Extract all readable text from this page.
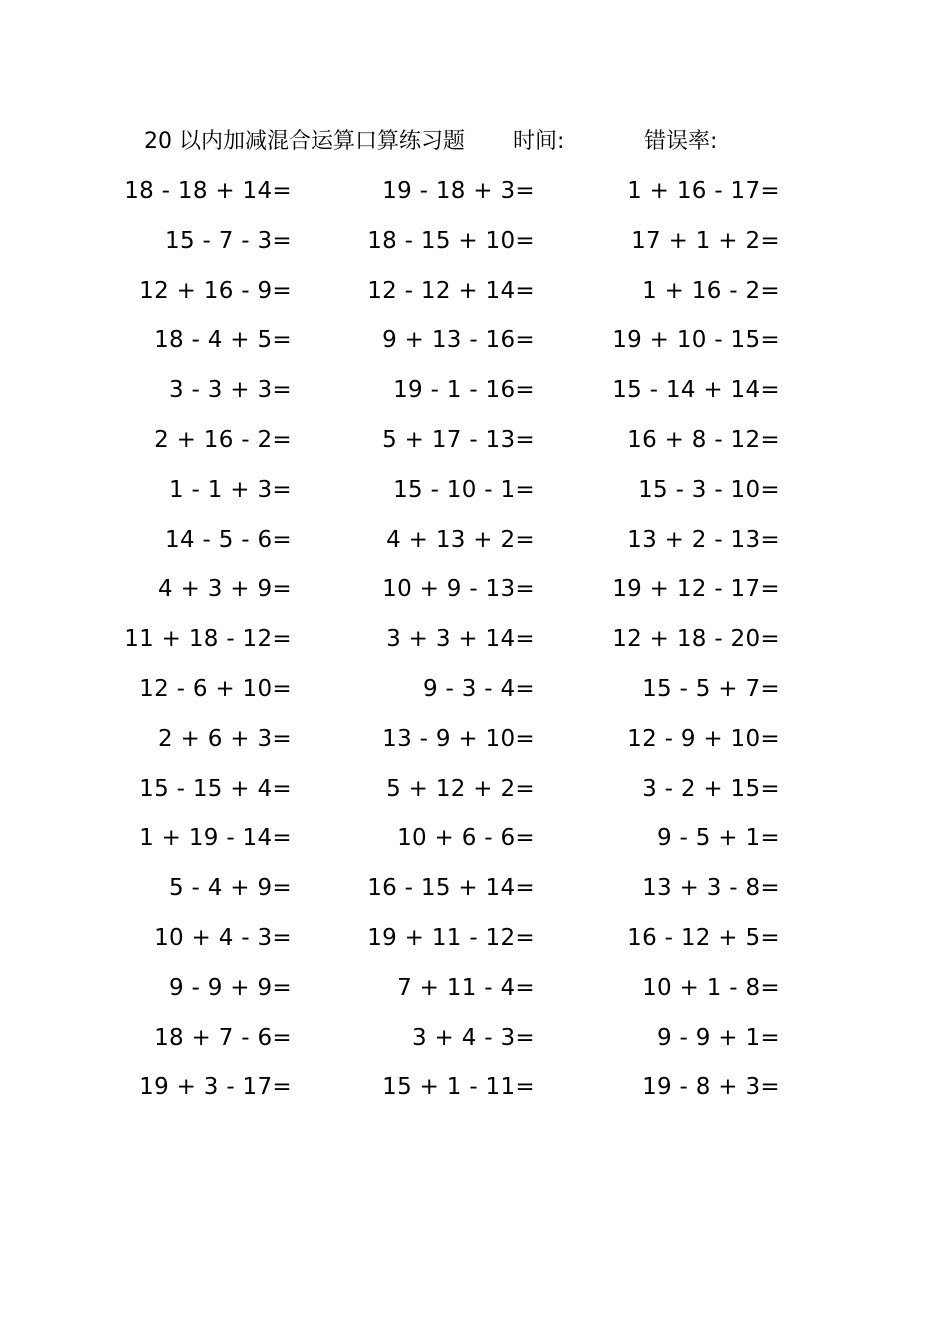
20 以内加减混合运算口算练习题 时间:	错误率:
18 - 18 + 14=	19 - 18 + 3=	1 + 16 - 17=
15 - 7 - 3=	18 - 15 + 10=	17 + 1 + 2=
12 + 16 - 9=	12 - 12 + 14=	1 + 16 - 2=
18 - 4 + 5=	9 + 13 - 16=	19 + 10 - 15=
3 - 3 + 3=	19 - 1 - 16=	15 - 14 + 14=
2 + 16 - 2=	5 + 17 - 13=	16 + 8 - 12=
1 - 1 + 3=	15 - 10 - 1=	15 - 3 - 10=
14 - 5 - 6=	4 + 13 + 2=	13 + 2 - 13=
4 + 3 + 9=	10 + 9 - 13=	19 + 12 - 17=
11 + 18 - 12=	3 + 3 + 14=	12 + 18 - 20=
12 - 6 + 10=	9 - 3 - 4=	15 - 5 + 7=
2 + 6 + 3=	13 - 9 + 10=	12 - 9 + 10=
15 - 15 + 4=	5 + 12 + 2=	3 - 2 + 15=
1 + 19 - 14=	10 + 6 - 6=	9 - 5 + 1=
5 - 4 + 9=	16 - 15 + 14=	13 + 3 - 8=
10 + 4 - 3=	19 + 11 - 12=	16 - 12 + 5=
9 - 9 + 9=	7 + 11 - 4=	10 + 1 - 8=
18 + 7 - 6=	3 + 4 - 3=	9 - 9 + 1=
19 + 3 - 17=	15 + 1 - 11=	19 - 8 + 3=
